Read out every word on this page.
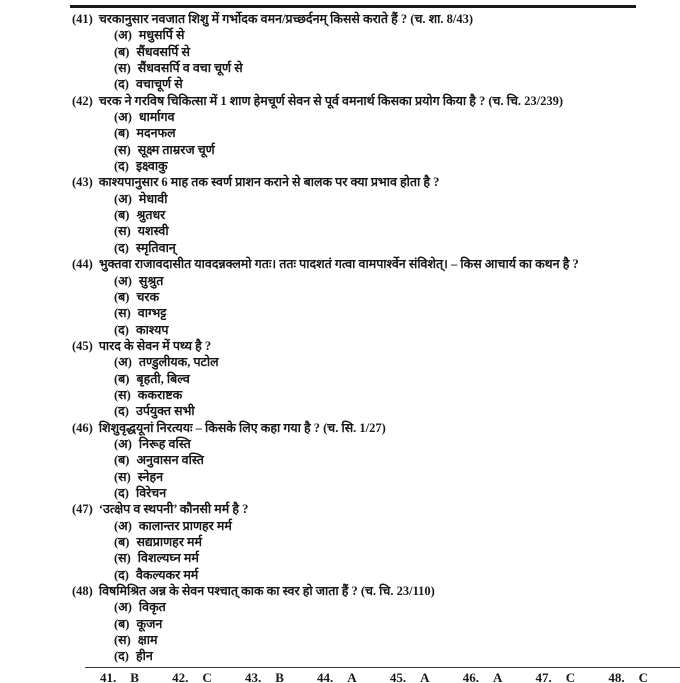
(41) चरकानुसार नवजात शिशु में गर्भोदक वमन/प्रच्छर्दनम् किससे कराते हैं ? (च. शा. 8/43)
(अ) मधुसर्पि से
(ब) सैंधवसर्पि से
(स) सैंधवसर्पि व वचा चूर्ण से
(द) वचाचूर्ण से
(42) चरक ने गरविष चिकित्सा में 1 शाण हेमचूर्ण सेवन से पूर्व वमनार्थ किसका प्रयोग किया है ? (च. चि. 23/239)
(अ) धार्मागव
(ब) मदनफल
(स) सूक्ष्म ताम्ररज चूर्ण
(द) इक्ष्वाकु
(43) काश्यपानुसार 6 माह तक स्वर्ण प्राशन कराने से बालक पर क्या प्रभाव होता है ?
(अ) मेधावी
(ब) श्रुतधर
(स) यशस्वी
(द) स्मृतिवान्
(44) भुक्तवा राजावदासीत यावदन्नक्लमो गतः। ततः पादशतं गत्वा वामपार्श्वेन संविशेत्। – किस आचार्य का कथन है ?
(अ) सुश्रुत
(ब) चरक
(स) वाग्भट्ट
(द) काश्यप
(45) पारद के सेवन में पथ्य है ?
(अ) तण्डुलीयक, पटोल
(ब) बृहती, बिल्व
(स) ककराष्टक
(द) उर्पयुक्त सभी
(46) शिशुवृद्धयूनां निरत्ययः – किसके लिए कहा गया है ? (च. सि. 1/27)
(अ) निरूह वस्ति
(ब) अनुवासन वस्ति
(स) स्नेहन
(द) विरेचन
(47) ‘उत्क्षेप व स्थपनी’ कौनसी मर्म है ?
(अ) कालान्तर प्राणहर मर्म
(ब) सद्यप्राणहर मर्म
(स) विशल्यघ्न मर्म
(द) वैकल्यकर मर्म
(48) विषमिश्रित अन्न के सेवन पश्चात् काक का स्वर हो जाता हैं ? (च. चि. 23/110)
(अ) विकृत
(ब) कूजन
(स) क्षाम
(द) हीन
41. B	42. C	43. B	44. A	45. A	46. A	47. C	48. C
